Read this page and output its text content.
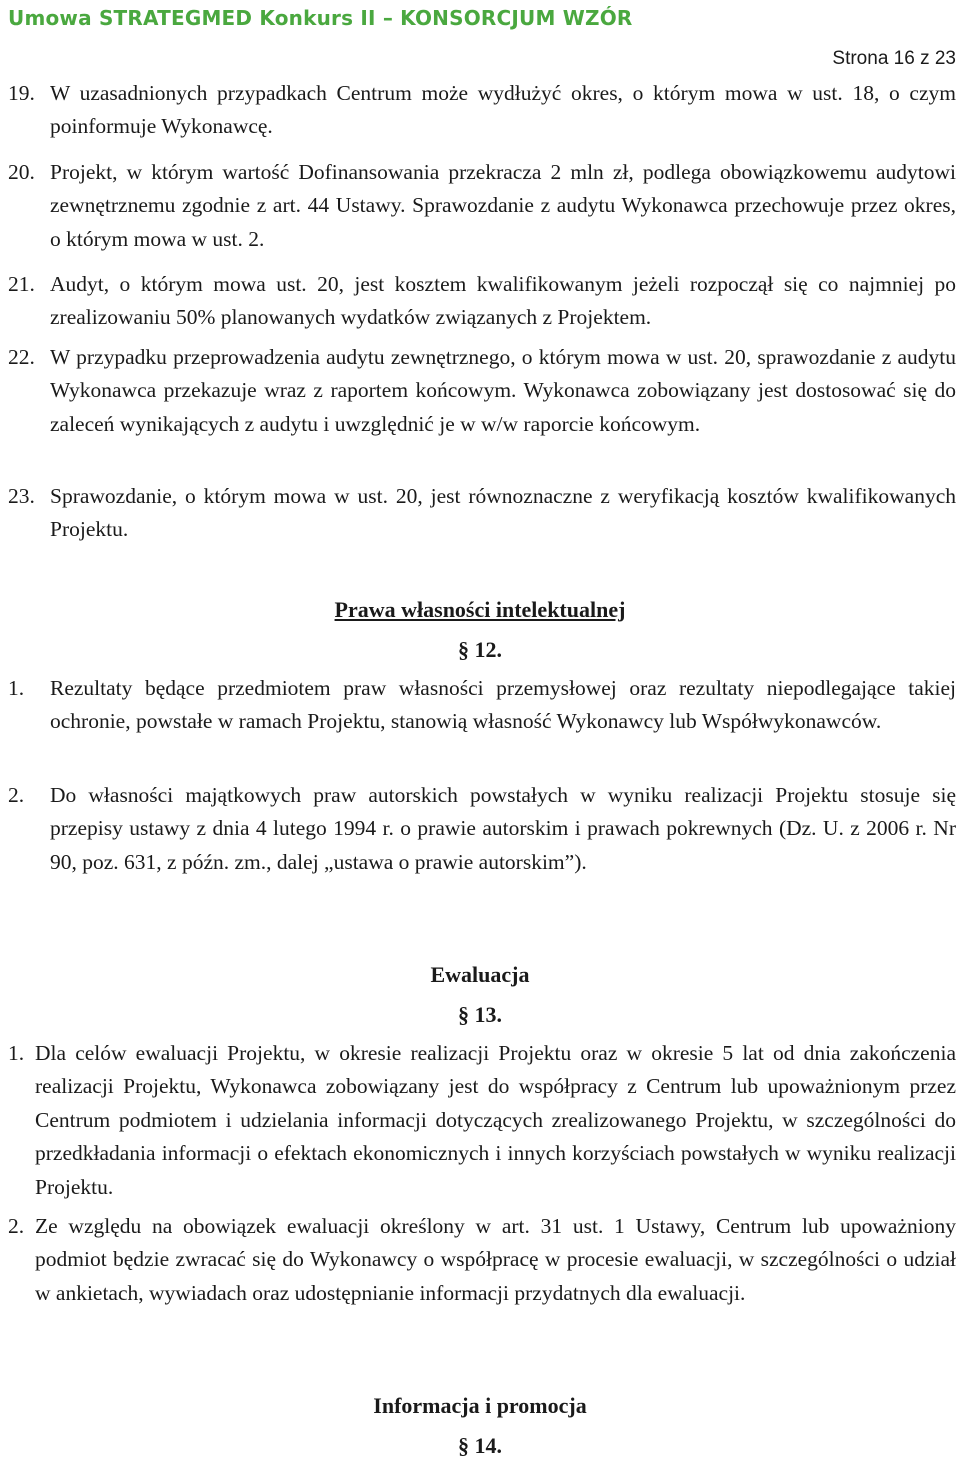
Umowa STRATEGMED Konkurs II – KONSORCJUM WZÓR
Strona 16 z 23
19. W uzasadnionych przypadkach Centrum może wydłużyć okres, o którym mowa w ust. 18, o czym poinformuje Wykonawcę.
20. Projekt, w którym wartość Dofinansowania przekracza 2 mln zł, podlega obowiązkowemu audytowi zewnętrznemu zgodnie z art. 44 Ustawy. Sprawozdanie z audytu Wykonawca przechowuje przez okres, o którym mowa w ust. 2.
21. Audyt, o którym mowa ust. 20, jest kosztem kwalifikowanym jeżeli rozpoczął się co najmniej po zrealizowaniu 50% planowanych wydatków związanych z Projektem.
22. W przypadku przeprowadzenia audytu zewnętrznego, o którym mowa w ust. 20, sprawozdanie z audytu Wykonawca przekazuje wraz z raportem końcowym. Wykonawca zobowiązany jest dostosować się do zaleceń wynikających z audytu i uwzględnić je w w/w raporcie końcowym.
23. Sprawozdanie, o którym mowa w ust. 20, jest równoznaczne z weryfikacją kosztów kwalifikowanych Projektu.
Prawa własności intelektualnej
§ 12.
1.	Rezultaty będące przedmiotem praw własności przemysłowej oraz rezultaty niepodlegające takiej ochronie, powstałe w ramach Projektu, stanowią własność Wykonawcy lub Współwykonawców.
2.	Do własności majątkowych praw autorskich powstałych w wyniku realizacji Projektu stosuje się przepisy ustawy z dnia 4 lutego 1994 r. o prawie autorskim i prawach pokrewnych (Dz. U. z 2006 r. Nr 90, poz. 631, z późn. zm., dalej „ustawa o prawie autorskim”).
Ewaluacja
§ 13.
1. Dla celów ewaluacji Projektu, w okresie realizacji Projektu oraz w okresie 5 lat od dnia zakończenia realizacji Projektu, Wykonawca zobowiązany jest do współpracy z Centrum lub upoważnionym przez Centrum podmiotem i udzielania informacji dotyczących zrealizowanego Projektu, w szczególności do przedkładania informacji o efektach ekonomicznych i innych korzyściach powstałych w wyniku realizacji Projektu.
2. Ze względu na obowiązek ewaluacji określony w art. 31 ust. 1 Ustawy, Centrum lub upoważniony podmiot będzie zwracać się do Wykonawcy o współpracę w procesie ewaluacji, w szczególności o udział w ankietach, wywiadach oraz udostępnianie informacji przydatnych dla ewaluacji.
Informacja i promocja
§ 14.
